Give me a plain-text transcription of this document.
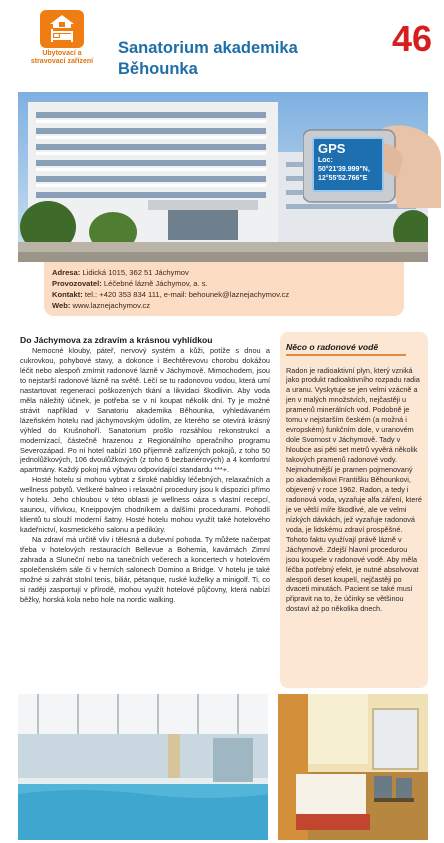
Ubytovací a stravovací zařízení
Sanatorium akademika Běhounka
46
GPS
Loc:
50°21'39.999"N,
12°55'52.766"E
Adresa: Lidická 1015, 362 51 Jáchymov
Provozovatel: Léčebné lázně Jáchymov, a. s.
Kontakt: tel.: +420 353 834 111, e-mail: behounek@laznejachymov.cz
Web: www.laznejachymov.cz
Do Jáchymova za zdravím a krásnou vyhlídkou

Nemocné klouby, páteř, nervový systém a kůži, potíže s dnou a cukrovkou, pohybové stavy, a dokonce i Bechtěrevovu chorobu dokážou léčit nebo alespoň zmírnit radonové lázně v Jáchymově. Mimochodem, jsou to nejstarší radonové lázně na světě. Léčí se tu radonovou vodou, která umí nastartovat regeneraci poškozených tkání a likvidaci škodlivin. Aby voda měla náležitý účinek, je potřeba se v ní koupat několik dní. Ty je možné strávit například v Sanatoriu akademika Běhounka, vyhledávaném lázeňském hotelu nad jáchymovským údolím, ze kterého se otevírá krásný výhled do Krušnohoří. Sanatorium prošlo rozsáhlou rekonstrukcí a modernizací, částečně hrazenou z Regionálního operačního programu Severozápad. Po ní hotel nabízí 160 příjemně zařízených pokojů, z toho 50 jednolůžkových, 106 dvoulůžkových (z toho 6 bezbariérových) a 4 komfortní apartmány. Každý pokoj má výbavu odpovídající standardu ***+.

Hosté hotelu si mohou vybrat z široké nabídky léčebných, relaxačních a wellness pobytů. Veškeré balneo i relaxační procedury jsou k dispozici přímo v hotelu. Jeho chloubou v této oblasti je wellness oáza s vlastní recepcí, saunou, vířivkou, Kneippovým chodníkem a dalšími procedurami. Pohodlí klientů tu slouží moderní šatny. Hosté hotelu mohou využít také hotelového kadeřnictví, kosmetického salonu a pedikúry.

Na zdraví má určitě vliv i tělesná a duševní pohoda. Ty můžete načerpat třeba v hotelových restauracích Bellevue a Bohemia, kavárnách Zimní zahrada a Sluneční nebo na tanečních večerech a koncertech v hotelovém společenském sále či v herních salonech Domino a Bridge. V hotelu je také možné si zahrát stolní tenis, biliár, pétanque, ruské kuželky a minigolf. Ti, co si raději zasportují v přírodě, mohou využít hotelové půjčovny, která nabízí běžky, horská kola nebo hole na nordic walking.

Něco o radonové vodě
Radon je radioaktivní plyn, který vzniká jako produkt radioaktivního rozpadu radia a uranu. Vyskytuje se jen velmi vzácně a jen v malých množstvích, nejčastěji u pramenů minerálních vod. Podobně je tomu v nejstarším českém (a možná i evropském) funkčním dole, v uranovém dole Svornost v Jáchymově. Tady v hloubce asi pěti set metrů vyvěrá několik takových pramenů radonové vody. Nejmohutnější je pramen pojmenovaný po akademikovi Františku Běhounkovi, objevený v roce 1962. Radon, a tedy i radonová voda, vyzařuje alfa záření, které je ve větší míře škodlivé, ale ve velmi nízkých dávkách, jež vyzařuje radonová voda, je lidskému zdraví prospěšné. Tohoto faktu využívají právě lázně v Jáchymově. Zdejší hlavní procedurou jsou koupele v radonové vodě. Aby měla léčba potřebný efekt, je nutné absolvovat alespoň deset koupelí, nejčastěji po dvaceti minutách. Pacient se také musí připravit na to, že účinky se většinou dostaví až po několika dnech.
